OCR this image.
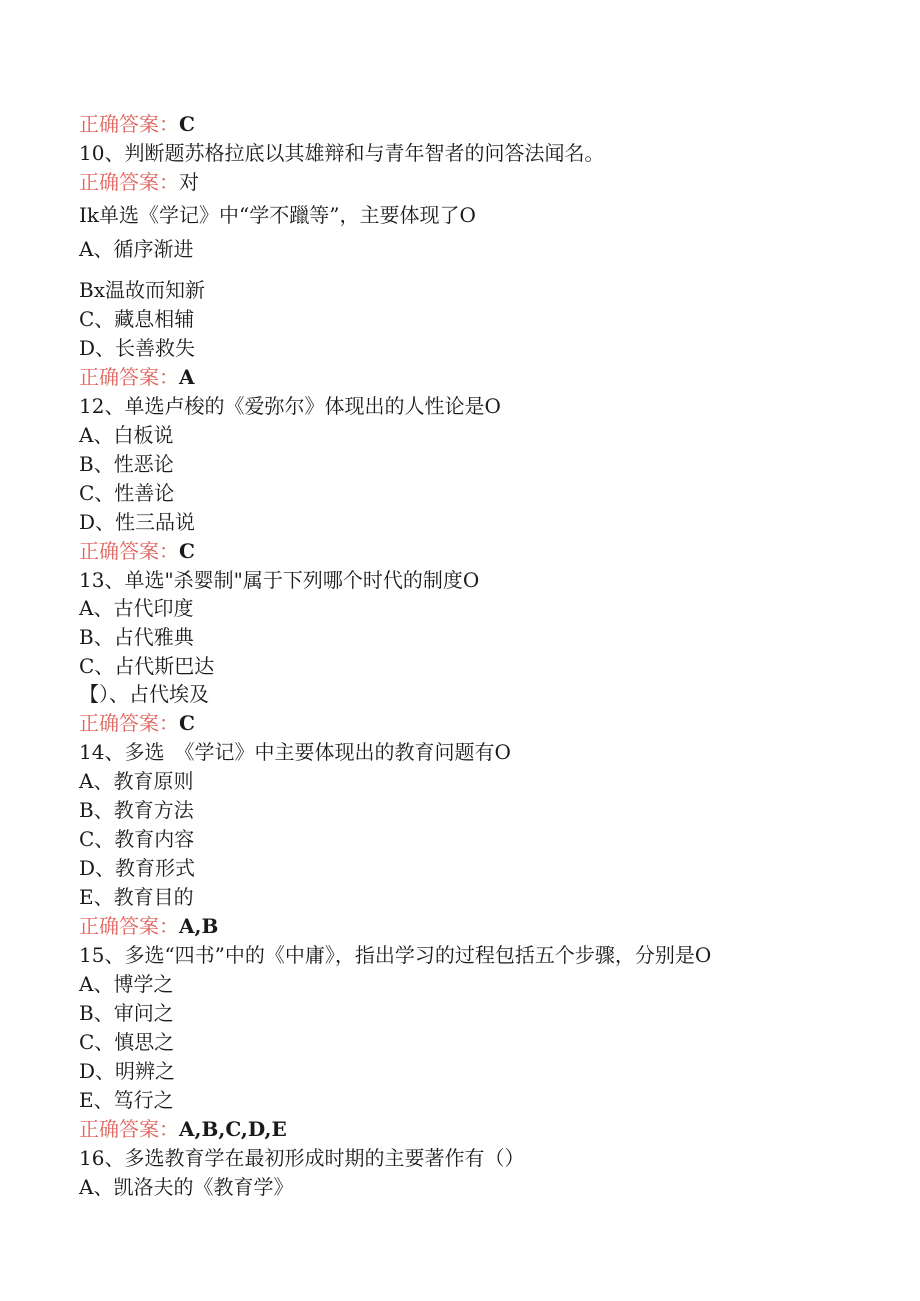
正确答案：C
10、判断题苏格拉底以其雄辩和与青年智者的问答法闻名。
正确答案：对
Ik单选《学记》中“学不躐等”，主要体现了O
A、循序渐进
Bx温故而知新
C、藏息相辅
D、长善救失
正确答案：A
12、单选卢梭的《爱弥尔》体现出的人性论是O
A、白板说
B、性恶论
C、性善论
D、性三品说
正确答案：C
13、单选"杀婴制"属于下列哪个时代的制度O
A、古代印度
B、占代雅典
C、占代斯巴达
【）、占代埃及
正确答案：C
14、多选　《学记》中主要体现出的教育问题有O
A、教育原则
B、教育方法
C、教育内容
D、教育形式
E、教育目的
正确答案：A,B
15、多选“四书”中的《中庸》，指出学习的过程包括五个步骤，分别是O
A、博学之
B、审问之
C、慎思之
D、明辨之
E、笃行之
正确答案：A,B,C,D,E
16、多选教育学在最初形成时期的主要著作有（）
A、凯洛夫的《教育学》
